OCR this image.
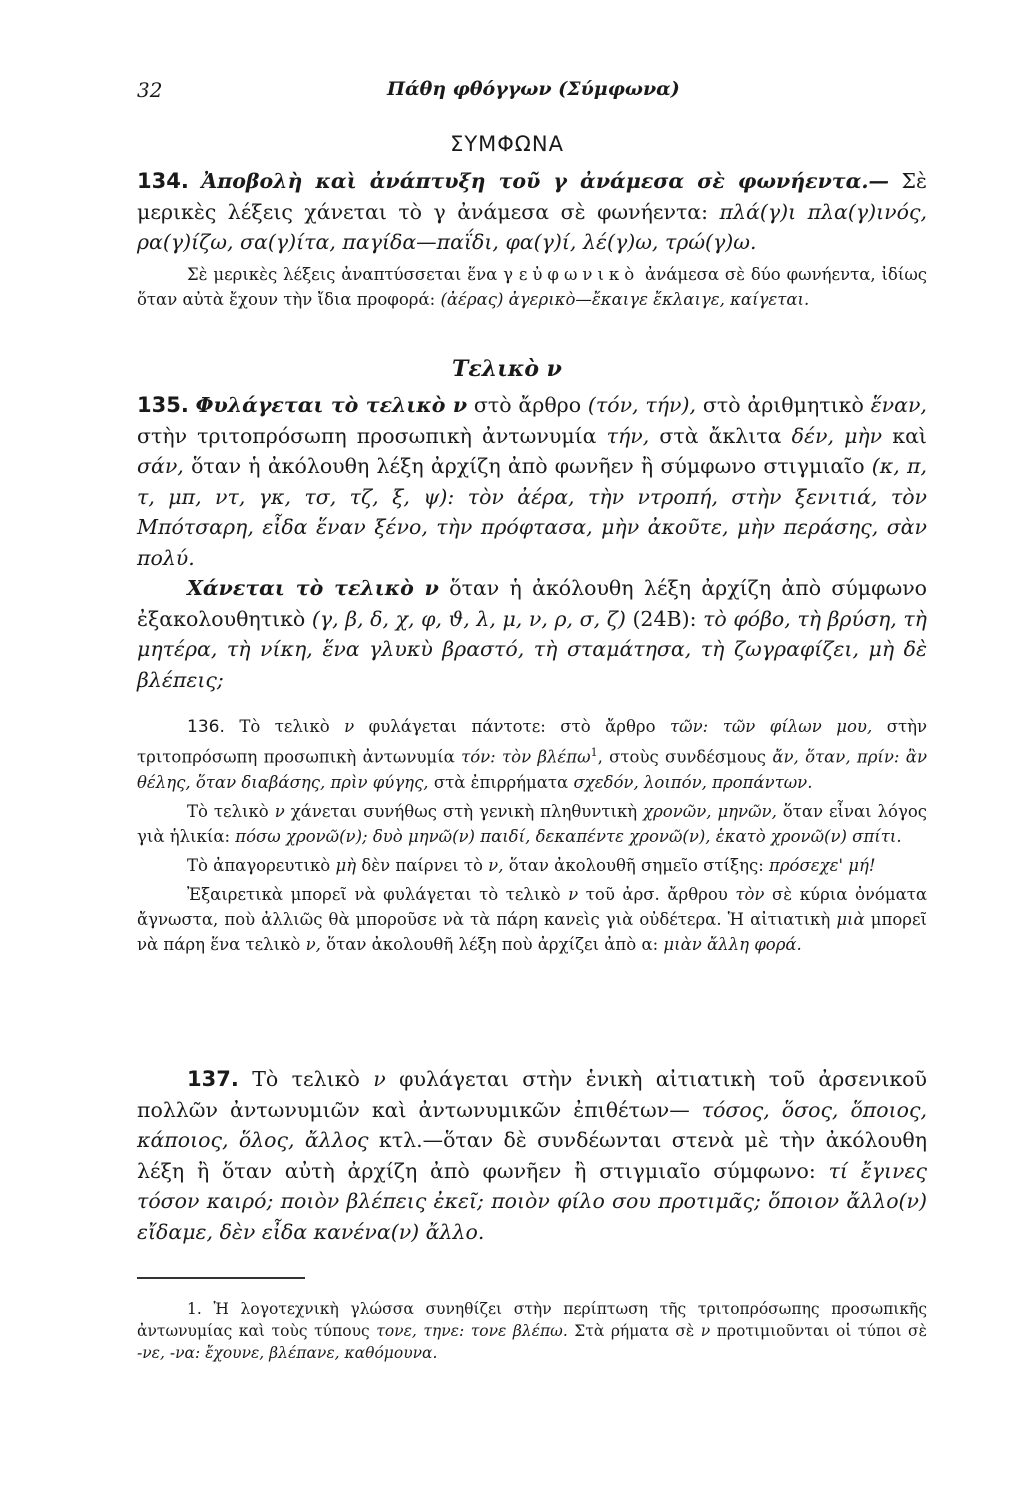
32	Πάθη φθόγγων (Σύμφωνα)
ΣΥΜΦΩΝΑ

134. Ἀποβολὴ καὶ ἀνάπτυξη τοῦ γ ἀνάμεσα σὲ φωνήεντα.— Σὲ μερικὲς λέξεις χάνεται τὸ γ ἀνάμεσα σὲ φωνήεντα: πλά(γ)ι πλα(γ)ινός, ρα(γ)ίζω, σα(γ)ίτα, παγίδα—παΐδι, φα(γ)ί, λέ(γ)ω, τρώ(γ)ω.

Σὲ μερικὲς λέξεις ἀναπτύσσεται ἕνα γ εὐφωνικὸ ἀνάμεσα σὲ δύο φωνήεντα, ἰδίως ὅταν αὐτὰ ἔχουν τὴν ἴδια προφορά: (ἀέρας) ἀγερικὸ—ἔκαιγε ἔκλαιγε, καίγεται.

Τελικὸ ν

135. Φυλάγεται τὸ τελικὸ ν στὸ ἄρθρο (τόν, τήν), στὸ ἀριθμητικὸ ἕναν, στὴν τριτοπρόσωπη προσωπικὴ ἀντωνυμία τήν, στὰ ἄκλιτα δέν, μὴν καὶ σάν, ὅταν ἡ ἀκόλουθη λέξη ἀρχίζη ἀπὸ φωνῆεν ἢ σύμφωνο στιγμιαῖο (κ, π, τ, μπ, ντ, γκ, τσ, τζ, ξ, ψ): τὸν ἀέρα, τὴν ντροπή, στὴν ξενιτιά, τὸν Μπότσαρη, εἶδα ἕναν ξένο, τὴν πρόφτασα, μὴν ἀκοῦτε, μὴν περάσης, σὰν πολύ.

Χάνεται τὸ τελικὸ ν ὅταν ἡ ἀκόλουθη λέξη ἀρχίζη ἀπὸ σύμφωνο ἐξακολουθητικὸ (γ, β, δ, χ, φ, ϑ, λ, μ, ν, ρ, σ, ζ) (24Β): τὸ φόβο, τὴ βρύση, τὴ μητέρα, τὴ νίκη, ἕνα γλυκὺ βραστό, τὴ σταμάτησα, τὴ ζωγραφίζει, μὴ δὲ βλέπεις;

136. Τὸ τελικὸ ν φυλάγεται πάντοτε: στὸ ἄρθρο τῶν: τῶν φίλων μου, στὴν τριτοπρόσωπη προσωπικὴ ἀντωνυμία τόν: τὸν βλέπω$^1$, στοὺς συνδέσμους ἄν, ὅταν, πρίν: ἂν θέλης, ὅταν διαβάσης, πρὶν φύγης, στὰ ἐπιρρήματα σχεδόν, λοιπόν, προπάντων.

Τὸ τελικὸ ν χάνεται συνήθως στὴ γενικὴ πληθυντικὴ χρονῶν, μηνῶν, ὅταν εἶναι λόγος γιὰ ἡλικία: πόσω χρονῶ(ν); δυὸ μηνῶ(ν) παιδί, δεκαπέντε χρονῶ(ν), ἑκατὸ χρονῶ(ν) σπίτι.

Τὸ ἀπαγορευτικὸ μὴ δὲν παίρνει τὸ ν, ὅταν ἀκολουθῆ σημεῖο στίξης: πρόσεχε' μή!

Ἐξαιρετικὰ μπορεῖ νὰ φυλάγεται τὸ τελικὸ ν τοῦ ἀρσ. ἄρθρου τὸν σὲ κύρια ὀνόματα ἄγνωστα, ποὺ ἀλλιῶς θὰ μποροῦσε νὰ τὰ πάρη κανεὶς γιὰ οὐδέτερα. Ἡ αἰτιατικὴ μιὰ μπορεῖ νὰ πάρη ἕνα τελικὸ ν, ὅταν ἀκολουθῆ λέξη ποὺ ἀρχίζει ἀπὸ α: μιὰν ἄλλη φορά.

137. Τὸ τελικὸ ν φυλάγεται στὴν ἑνικὴ αἰτιατικὴ τοῦ ἀρσενικοῦ πολλῶν ἀντωνυμιῶν καὶ ἀντωνυμικῶν ἐπιθέτων— τόσος, ὅσος, ὅποιος, κάποιος, ὅλος, ἄλλος κτλ.—ὅταν δὲ συνδέωνται στενὰ μὲ τὴν ἀκόλουθη λέξη ἢ ὅταν αὐτὴ ἀρχίζη ἀπὸ φωνῆεν ἢ στιγμιαῖο σύμφωνο: τί ἔγινες τόσον καιρό; ποιὸν βλέπεις ἐκεῖ; ποιὸν φίλο σου προτιμᾶς; ὅποιον ἄλλο(ν) εἴδαμε, δὲν εἶδα κανένα(ν) ἄλλο.

1. Ἡ λογοτεχνικὴ γλώσσα συνηθίζει στὴν περίπτωση τῆς τριτοπρόσωπης προσωπικῆς ἀντωνυμίας καὶ τοὺς τύπους τονε, τηνε: τονε βλέπω. Στὰ ρήματα σὲ ν προτιμιοῦνται οἱ τύποι σὲ -νε, -να: ἔχουνε, βλέπανε, καθόμουνα.
